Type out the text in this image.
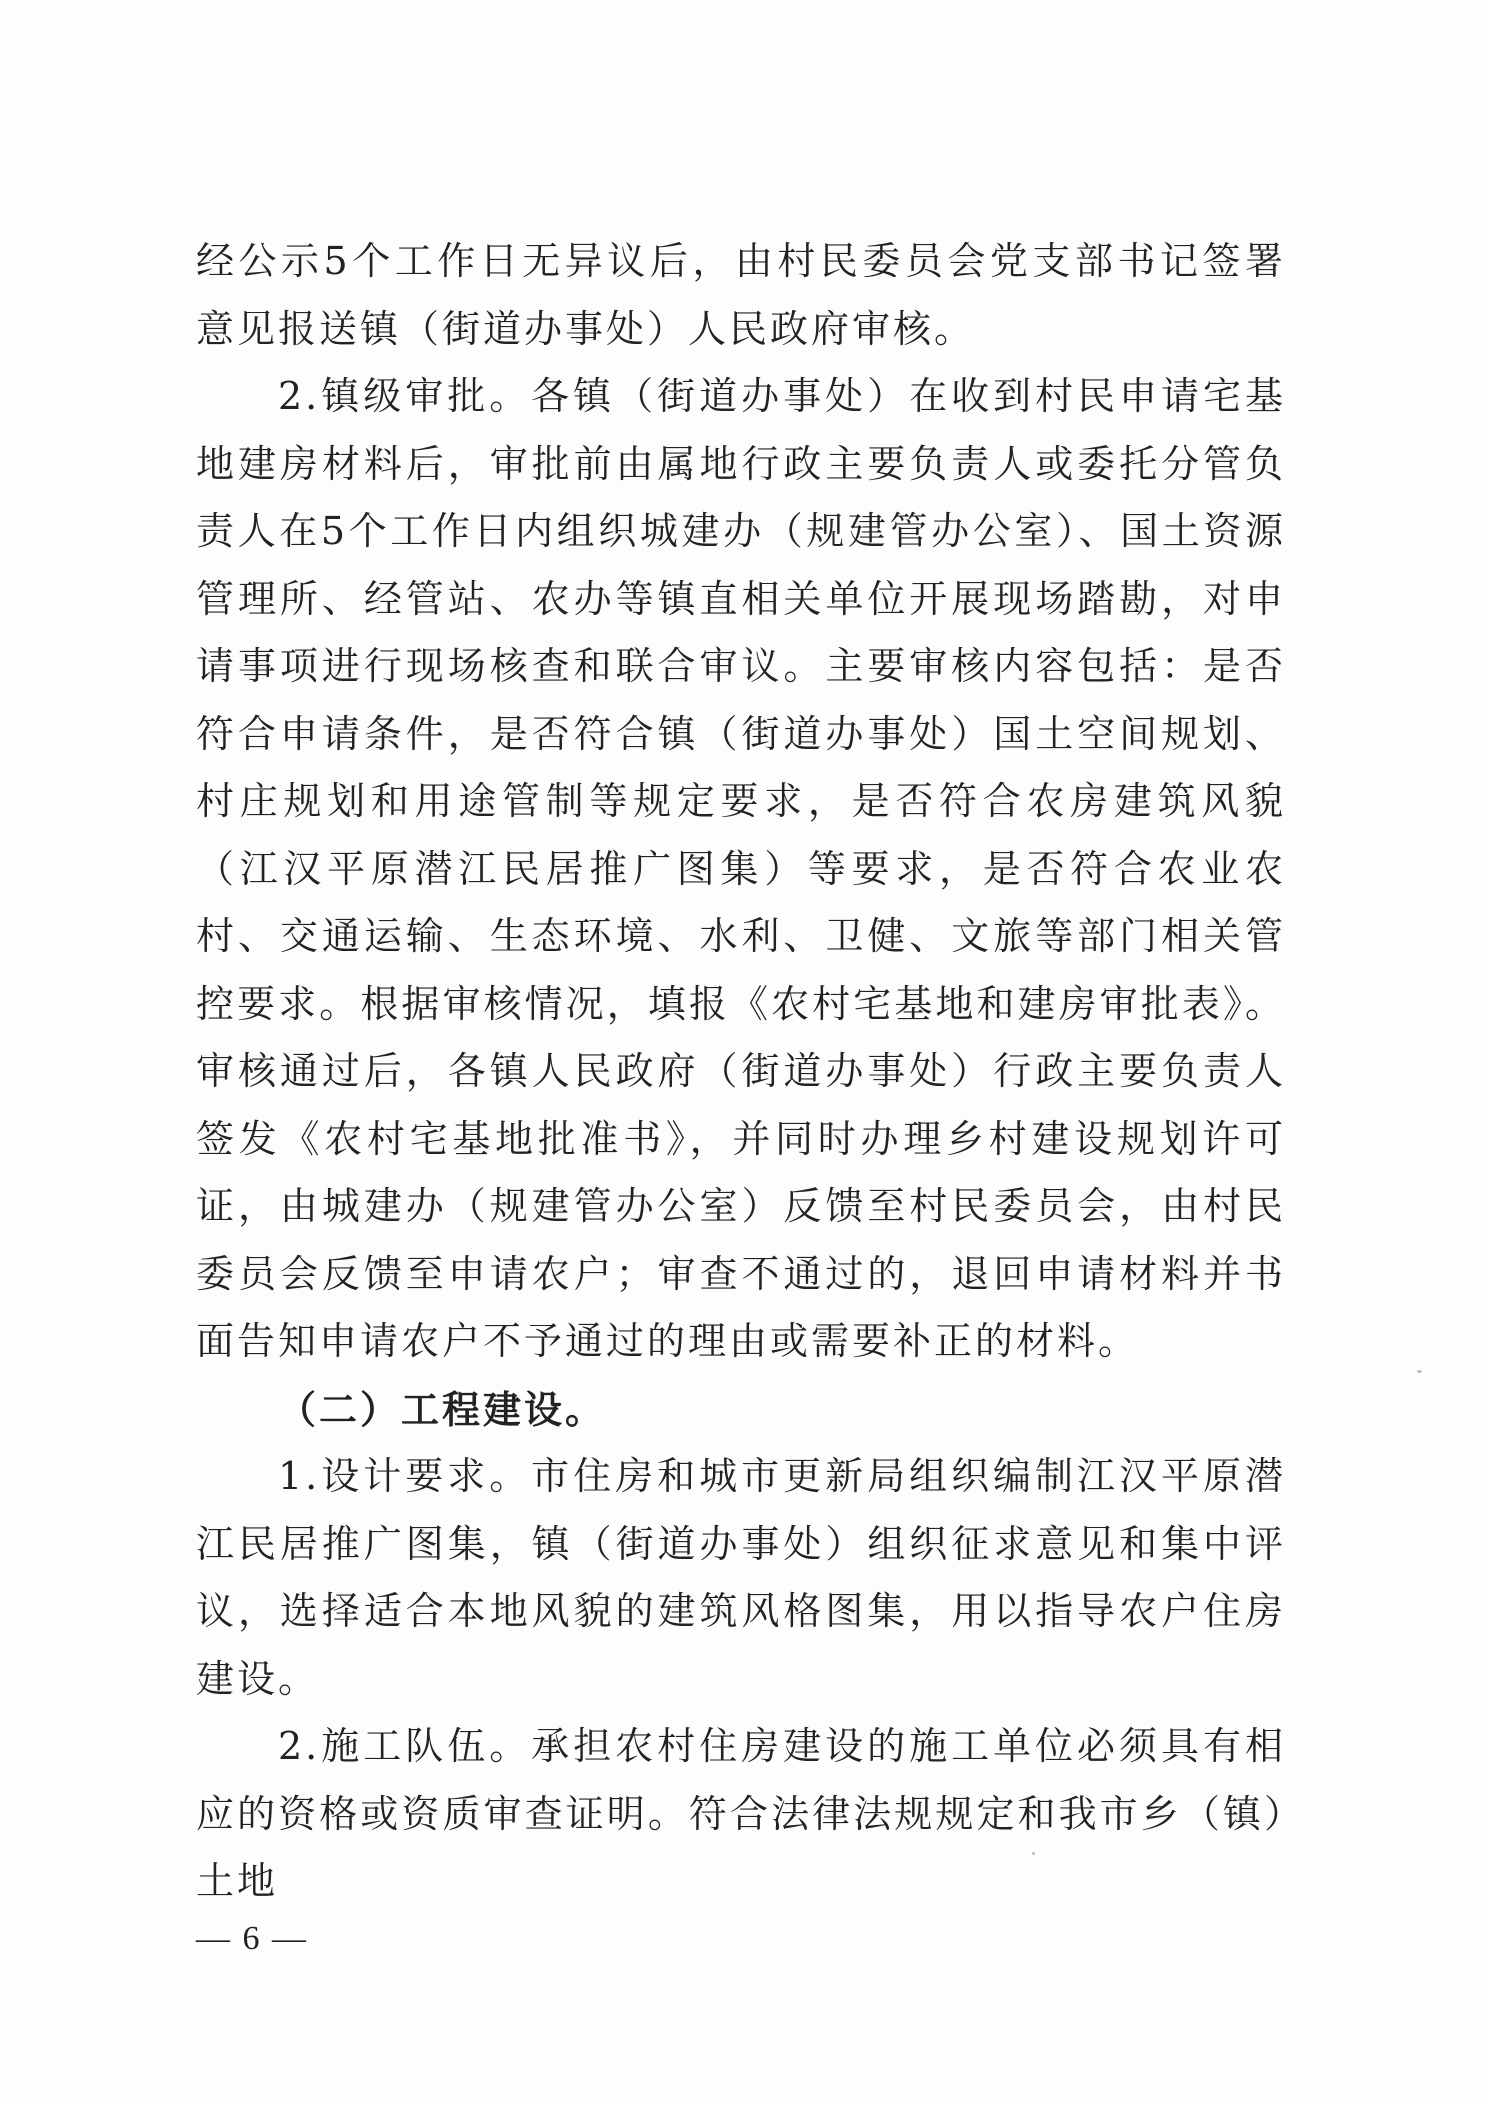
经公示5个工作日无异议后，由村民委员会党支部书记签署意见报送镇（街道办事处）人民政府审核。

2.镇级审批。各镇（街道办事处）在收到村民申请宅基地建房材料后，审批前由属地行政主要负责人或委托分管负责人在5个工作日内组织城建办（规建管办公室）、国土资源管理所、经管站、农办等镇直相关单位开展现场踏勘，对申请事项进行现场核查和联合审议。主要审核内容包括：是否符合申请条件，是否符合镇（街道办事处）国土空间规划、村庄规划和用途管制等规定要求，是否符合农房建筑风貌（江汉平原潜江民居推广图集）等要求，是否符合农业农村、交通运输、生态环境、水利、卫健、文旅等部门相关管控要求。根据审核情况，填报《农村宅基地和建房审批表》。审核通过后，各镇人民政府（街道办事处）行政主要负责人签发《农村宅基地批准书》，并同时办理乡村建设规划许可证，由城建办（规建管办公室）反馈至村民委员会，由村民委员会反馈至申请农户；审查不通过的，退回申请材料并书面告知申请农户不予通过的理由或需要补正的材料。

（二）工程建设。

1.设计要求。市住房和城市更新局组织编制江汉平原潜江民居推广图集，镇（街道办事处）组织征求意见和集中评议，选择适合本地风貌的建筑风格图集，用以指导农户住房建设。

2.施工队伍。承担农村住房建设的施工单位必须具有相应的资格或资质审查证明。符合法律法规规定和我市乡（镇）土地

— 6 —
